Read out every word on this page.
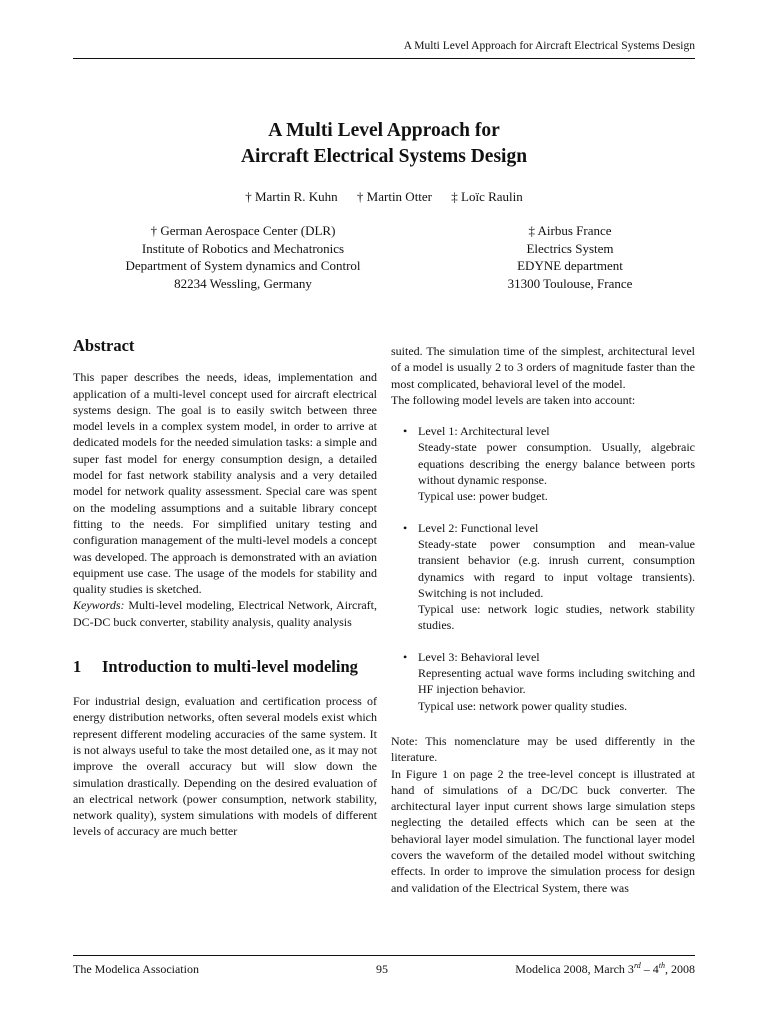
A Multi Level Approach for Aircraft Electrical Systems Design
A Multi Level Approach for
Aircraft Electrical Systems Design
† Martin R. Kuhn † Martin Otter ‡ Loïc Raulin
† German Aerospace Center (DLR)
Institute of Robotics and Mechatronics
Department of System dynamics and Control
82234 Wessling, Germany
‡ Airbus France
Electrics System
EDYNE department
31300 Toulouse, France
Abstract
This paper describes the needs, ideas, implementation and application of a multi-level concept used for aircraft electrical systems design. The goal is to easily switch between three model levels in a complex system model, in order to arrive at dedicated models for the needed simulation tasks: a simple and super fast model for energy consumption design, a detailed model for fast network stability analysis and a very detailed model for network quality assessment. Special care was spent on the modeling assumptions and a suitable library concept fitting to the needs. For simplified unitary testing and configuration management of the multi-level models a concept was developed. The approach is demonstrated with an aviation equipment use case. The usage of the models for stability and quality studies is sketched.
Keywords: Multi-level modeling, Electrical Network, Aircraft, DC-DC buck converter, stability analysis, quality analysis
1	Introduction to multi-level modeling
For industrial design, evaluation and certification process of energy distribution networks, often several models exist which represent different modeling accuracies of the same system. It is not always useful to take the most detailed one, as it may not improve the overall accuracy but will slow down the simulation drastically. Depending on the desired evaluation of an electrical network (power consumption, network stability, network quality), system simulations with models of different levels of accuracy are much better
suited. The simulation time of the simplest, architectural level of a model is usually 2 to 3 orders of magnitude faster than the most complicated, behavioral level of the model.
The following model levels are taken into account:
• Level 1: Architectural level
Steady-state power consumption. Usually, algebraic equations describing the energy balance between ports without dynamic response.
Typical use: power budget.
• Level 2: Functional level
Steady-state power consumption and mean-value transient behavior (e.g. inrush current, consumption dynamics with regard to input voltage transients). Switching is not included.
Typical use: network logic studies, network stability studies.
• Level 3: Behavioral level
Representing actual wave forms including switching and HF injection behavior.
Typical use: network power quality studies.
Note: This nomenclature may be used differently in the literature.
In Figure 1 on page 2 the tree-level concept is illustrated at hand of simulations of a DC/DC buck converter. The architectural layer input current shows large simulation steps neglecting the detailed effects which can be seen at the behavioral layer model simulation. The functional layer model covers the waveform of the detailed model without switching effects. In order to improve the simulation process for design and validation of the Electrical System, there was
The Modelica Association	95	Modelica 2008, March 3rd – 4th, 2008
